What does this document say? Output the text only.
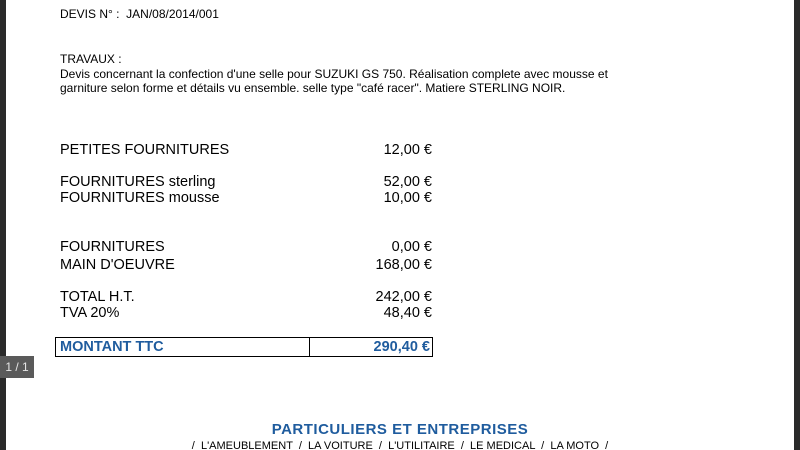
1 / 1
DEVIS N° :  JAN/08/2014/001
TRAVAUX :
Devis concernant la confection d'une selle pour SUZUKI GS 750. Réalisation complete avec mousse et garniture selon forme et détails vu ensemble. selle type "café racer". Matiere STERLING NOIR.
PETITES FOURNITURES	12,00 €
FOURNITURES sterling	52,00 €
FOURNITURES mousse	10,00 €
FOURNITURES	0,00 €
MAIN D'OEUVRE	168,00 €
TOTAL H.T.	242,00 €
TVA 20%	48,40 €
MONTANT TTC	290,40 €
PARTICULIERS ET ENTREPRISES
/  L'AMEUBLEMENT  /  LA VOITURE  /  L'UTILITAIRE  /  LE MEDICAL  /  LA MOTO  /
